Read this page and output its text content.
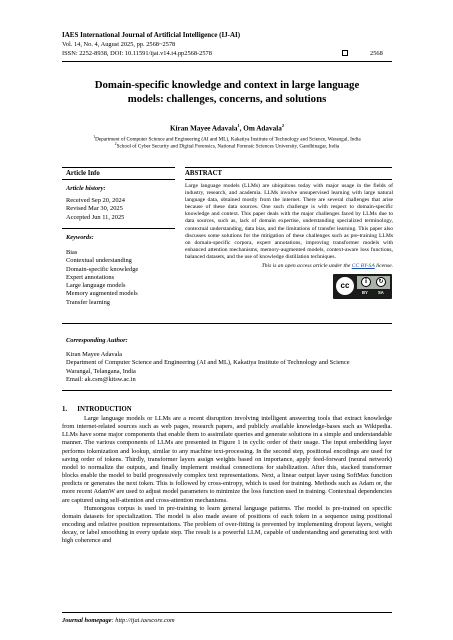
IAES International Journal of Artificial Intelligence (IJ-AI)
Vol. 14, No. 4, August 2025, pp. 2568~2578
ISSN: 2252-8938, DOI: 10.11591/ijai.v14.i4.pp2568-2578	2568
Domain-specific knowledge and context in large language
models: challenges, concerns, and solutions
Kiran Mayee Adavala$^1$, Om Adavala$^2$
$^1$Department of Computer Science and Engineering (AI and ML), Kakatiya Institute of Technology and Science, Warangal, India
$^2$School of Cyber Security and Digital Forensics, National Forensic Sciences University, Gandhinagar, India
Article Info	ABSTRACT
Article history:
Received Sep 20, 2024
Revised Mar 30, 2025
Accepted Jun 11, 2025
Keywords:
Bias
Contextual understanding
Domain-specific knowledge
Expert annotations
Large language models
Memory augmented models
Transfer learning
Large language models (LLMs) are ubiquitous today with major usage in the fields of industry, research, and academia. LLMs involve unsupervised learning with large natural language data, obtained mostly from the internet. There are several challenges that arise because of these data sources. One such challenge is with respect to domain-specific knowledge and context. This paper deals with the major challenges faced by LLMs due to data sources, such as, lack of domain expertise, understanding specialized terminology, contextual understanding, data bias, and the limitations of transfer learning. This paper also discusses some solutions for the mitigation of these challenges such as pre-training LLMs on domain-specific corpora, expert annotations, improving transformer models with enhanced attention mechanisms, memory-augmented models, context-aware loss functions, balanced datasets, and the use of knowledge distillation techniques.
This is an open access article under the CC BY-SA license.
cc	i	↻
BY SA
Corresponding Author:
Kiran Mayee Adavala
Department of Computer Science and Engineering (AI and ML), Kakatiya Institute of Technology and Science
Warangal, Telangana, India
Email: ak.csm@kitsw.ac.in
1.      INTRODUCTION

Large language models or LLMs are a recent disruption involving intelligent answering tools that extract knowledge from internet-related sources such as web pages, research papers, and publicly available knowledge-bases such as Wikipedia. LLMs have some major components that enable them to assimilate queries and generate solutions in a simple and understandable manner. The various components of LLMs are presented in Figure 1 in cyclic order of their usage. The input embedding layer performs tokenization and lookup, similar to any machine text-processing. In the second step, positional encodings are used for saving order of tokens. Thirdly, transformer layers assign weights based on importance, apply feed-forward (neural network) model to normalize the outputs, and finally implement residual connections for stabilization. After this, stacked transformer blocks enable the model to build progressively complex text representations. Next, a linear output layer using SoftMax function predicts or generates the next token. This is followed by cross-entropy, which is used for training. Methods such as Adam or, the more recent AdamW are used to adjust model parameters to minimize the loss function used in training. Contextual dependencies are captured using self-attention and cross-attention mechanisms.

Humongous corpus is used in pre-training to learn general language patterns. The model is pre-trained on specific domain datasets for specialization. The model is also made aware of positions of each token in a sequence using positional encoding and relative position representations. The problem of over-fitting is prevented by implementing dropout layers, weight decay, or label smoothing in every update step. The result is a powerful LLM, capable of understanding and generating text with high coherence and

Journal homepage: http://ijai.iaescore.com
